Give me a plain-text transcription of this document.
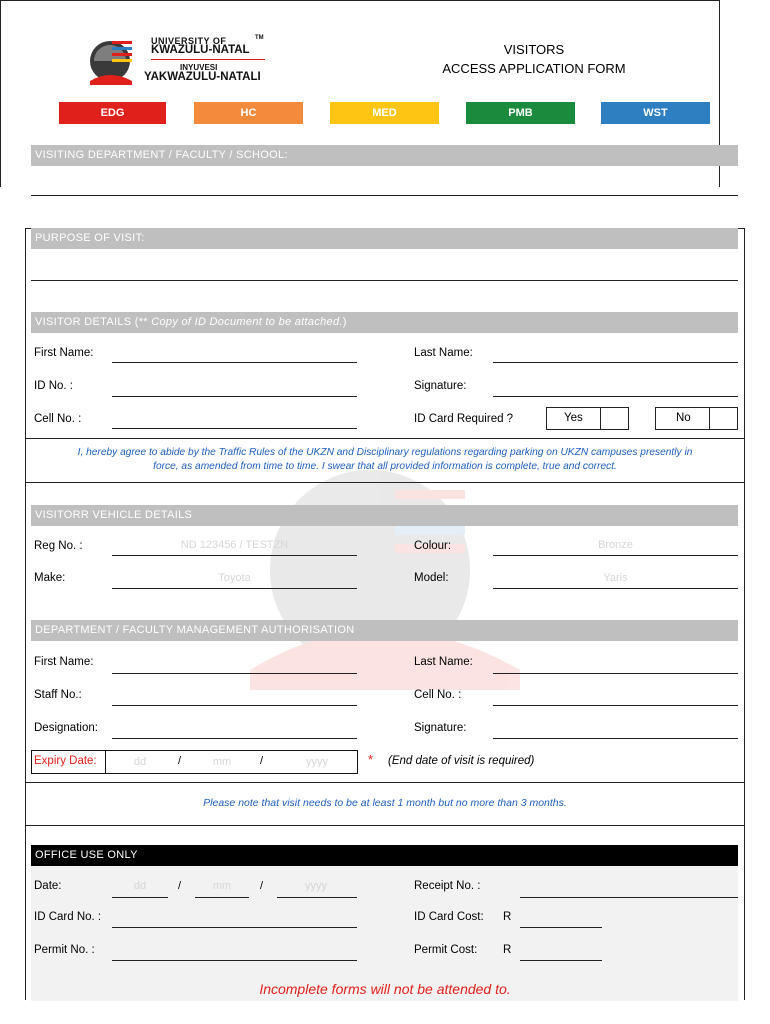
UNIVERSITY OF	TM
KWAZULU-NATAL
INYUVESI
YAKWAZULU-NATALI
VISITORS
ACCESS APPLICATION FORM
EDG	HC	MED	PMB	WST
VISITING DEPARTMENT / FACULTY / SCHOOL:
PURPOSE OF VISIT:
VISITOR DETAILS (** Copy of ID Document to be attached.)
First Name:	Last Name:
ID No. :	Signature:
Cell No. :	ID Card Required ?	Yes	No
I, hereby agree to abide by the Traffic Rules of the UKZN and Disciplinary regulations regarding parking on UKZN campuses presently in
force, as amended from time to time. I swear that all provided information is complete, true and correct.
VISITORR VEHICLE DETAILS
Reg No. :	ND 123456 / TESTZN	Colour:	Bronze
Make:	Toyota	Model:	Yaris
DEPARTMENT / FACULTY MANAGEMENT AUTHORISATION
First Name:	Last Name:
Staff No.:	Cell No. :
Designation:	Signature:
Expiry Date:	dd	/	mm	/	yyyy	* (End date of visit is required)
Please note that visit needs to be at least 1 month but no more than 3 months.
OFFICE USE ONLY
Date:	dd	/	mm	/	yyyy	Receipt No. :
ID Card No. :	ID Card Cost: R
Permit No. :	Permit Cost: R
Incomplete forms will not be attended to.
